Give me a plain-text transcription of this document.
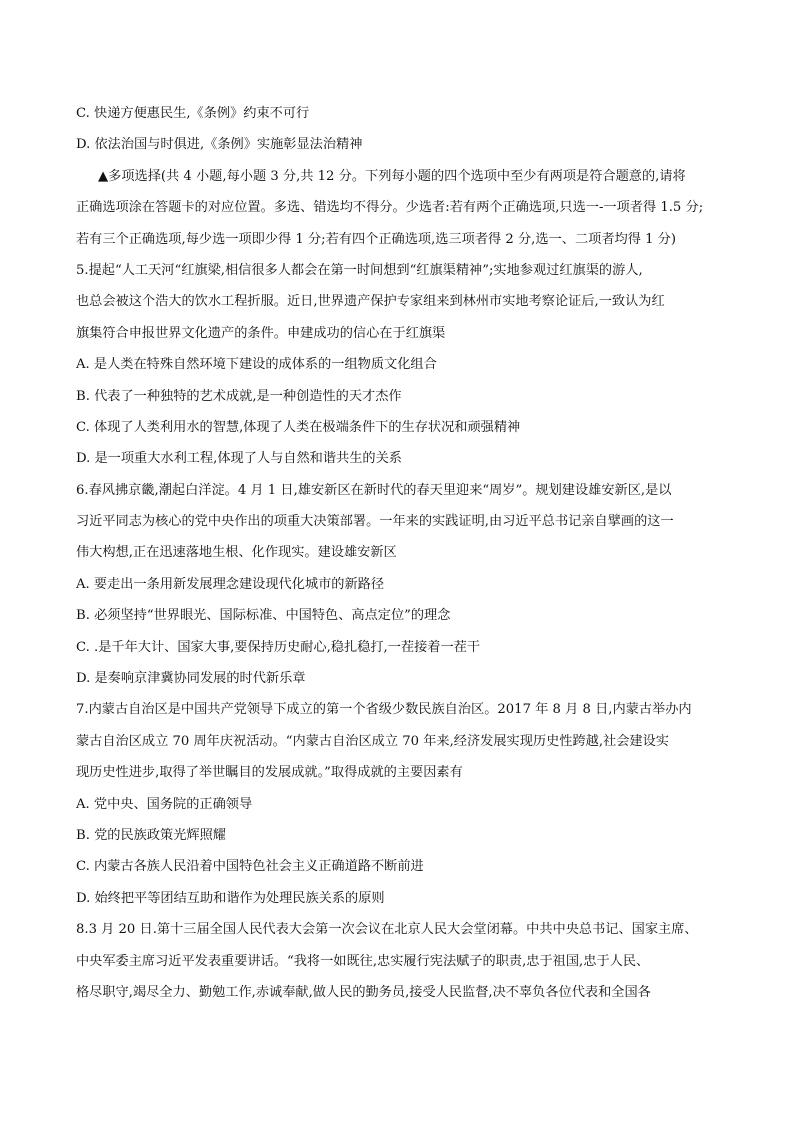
C. 快递方便惠民生,《条例》约束不可行
D. 依法治国与时俱进,《条例》实施彰显法治精神
▲多项选择(共 4 小题,每小题 3 分,共 12 分。下列每小题的四个选项中至少有两项是符合题意的,请将
正确选项涂在答题卡的对应位置。多选、错选均不得分。少选者:若有两个正确选项,只选一-一项者得 1.5 分;
若有三个正确选项,每少选一项即少得 1 分;若有四个正确选项,选三项者得 2 分,选一、二项者均得 1 分)
5.提起“人工天河“红旗梁,相信很多人都会在第一时间想到“红旗渠精神”;实地参观过红旗渠的游人,
也总会被这个浩大的饮水工程折服。近日,世界遗产保护专家组来到林州市实地考察论证后,一致认为红
旗集符合申报世界文化遗产的条件。申建成功的信心在于红旗渠
A. 是人类在特殊自然环境下建设的成体系的一组物质文化组合
B. 代表了一种独特的艺术成就,是一种创造性的天才杰作
C. 体现了人类利用水的智慧,体现了人类在极端条件下的生存状况和顽强精神
D. 是一项重大水利工程,体现了人与自然和谐共生的关系
6.春风拂京畿,潮起白洋淀。4 月 1 日,雄安新区在新时代的春天里迎来“周岁”。规划建设雄安新区,是以
习近平同志为核心的党中央作出的项重大决策部署。一年来的实践证明,由习近平总书记亲自擘画的这一
伟大构想,正在迅速落地生根、化作现实。建设雄安新区
A. 要走出一条用新发展理念建设现代化城市的新路径
B. 必须坚持“世界眼光、国际标准、中国特色、高点定位”的理念
C. .是千年大计、国家大事,要保持历史耐心,稳扎稳打,一茬接着一茬干
D. 是奏响京津冀协同发展的时代新乐章
7.内蒙古自治区是中国共产党领导下成立的第一个省级少数民族自治区。2017 年 8 月 8 日,内蒙古举办内
蒙古自治区成立 70 周年庆祝活动。“内蒙古自治区成立 70 年来,经济发展实现历史性跨越,社会建设实
现历史性进步,取得了举世瞩目的发展成就。”取得成就的主要因素有
A. 党中央、国务院的正确领导
B. 党的民族政策光辉照耀
C. 内蒙古各族人民沿着中国特色社会主义正确道路不断前进
D. 始终把平等团结互助和谐作为处理民族关系的原则
8.3 月 20 日.第十三届全国人民代表大会第一次会议在北京人民大会堂闭幕。中共中央总书记、国家主席、
中央军委主席习近平发表重要讲话。“我将一如既往,忠实履行宪法赋子的职责,忠于祖国,忠于人民、
格尽职守,竭尽全力、勤勉工作,赤诚奉献,做人民的勤务员,接受人民监督,决不辜负各位代表和全国各
